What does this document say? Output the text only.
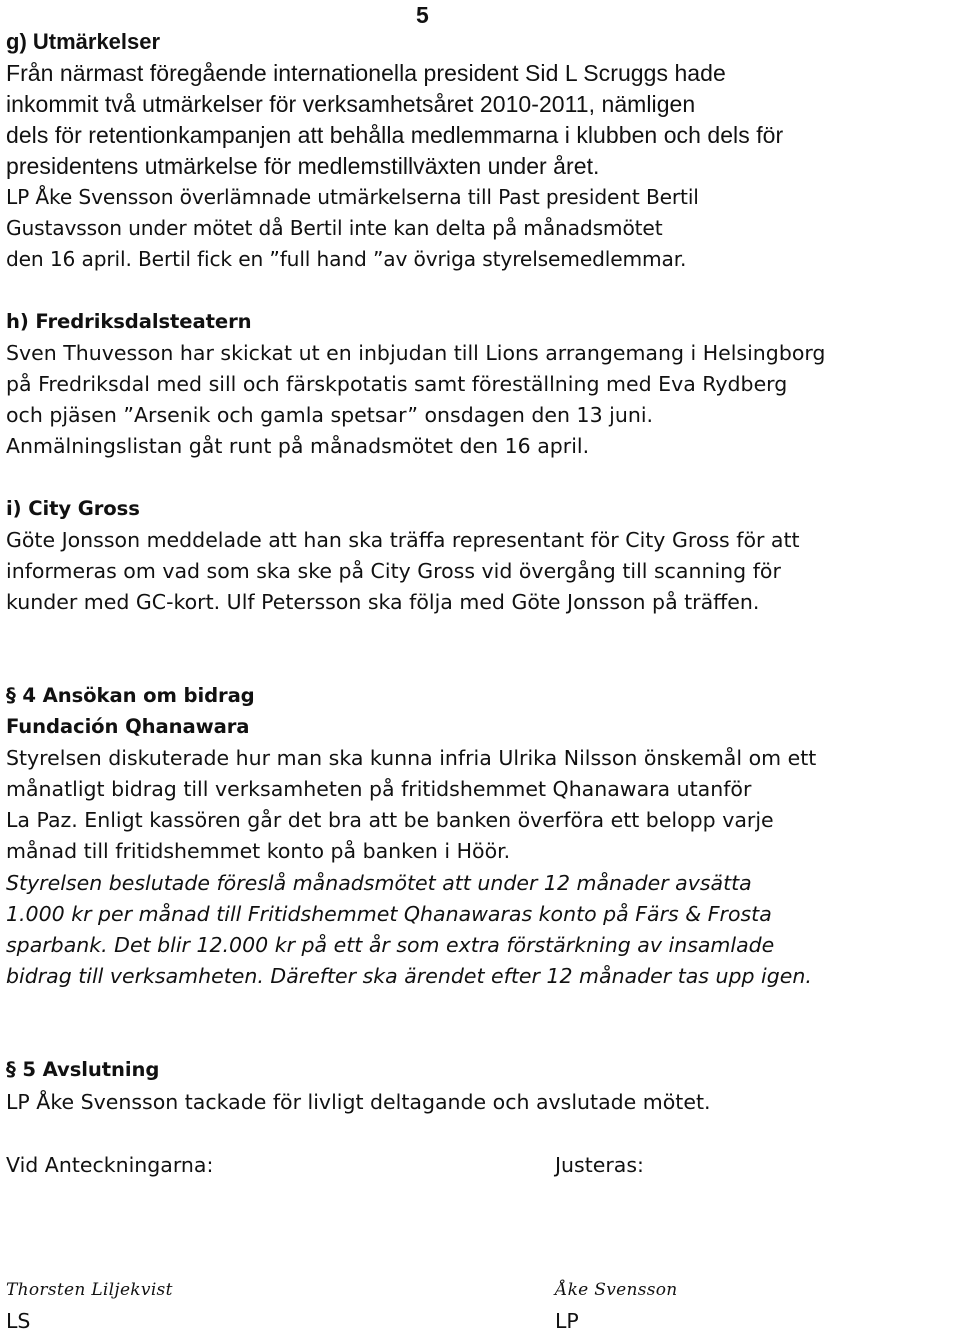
5
g) Utmärkelser
Från närmast föregående internationella president Sid L Scruggs hade
inkommit två utmärkelser för verksamhetsåret 2010-2011, nämligen
dels för retentionkampanjen att behålla medlemmarna i klubben och dels för
presidentens utmärkelse för medlemstillväxten under året.
LP Åke Svensson överlämnade utmärkelserna till Past president Bertil
Gustavsson under mötet då Bertil inte kan delta på månadsmötet
den 16 april. Bertil fick en ”full hand ”av övriga styrelsemedlemmar.
h) Fredriksdalsteatern
Sven Thuvesson har skickat ut en inbjudan till Lions arrangemang i Helsingborg
på Fredriksdal med sill och färskpotatis samt föreställning med Eva Rydberg
och pjäsen ”Arsenik och gamla spetsar” onsdagen den 13 juni.
Anmälningslistan gåt runt på månadsmötet den 16 april.
i) City Gross
Göte Jonsson meddelade att han ska träffa representant för City Gross för att
informeras om vad som ska ske på City Gross vid övergång till scanning för
kunder med GC-kort. Ulf Petersson ska följa med Göte Jonsson på träffen.
§ 4 Ansökan om bidrag
Fundación Qhanawara
Styrelsen diskuterade hur man ska kunna infria Ulrika Nilsson önskemål om ett
månatligt bidrag till verksamheten på fritidshemmet Qhanawara utanför
La Paz. Enligt kassören går det bra att be banken överföra ett belopp varje
månad till fritidshemmet konto på banken i Höör.
Styrelsen beslutade föreslå månadsmötet att under 12 månader avsätta
1.000 kr per månad till Fritidshemmet Qhanawaras konto på Färs & Frosta
sparbank. Det blir 12.000 kr på ett år som extra förstärkning av insamlade
bidrag till verksamheten. Därefter ska ärendet efter 12 månader tas upp igen.
§ 5 Avslutning
LP Åke Svensson tackade för livligt deltagande och avslutade mötet.
Vid Anteckningarna:	Justeras:
Thorsten Liljekvist	Åke Svensson
LS	LP
